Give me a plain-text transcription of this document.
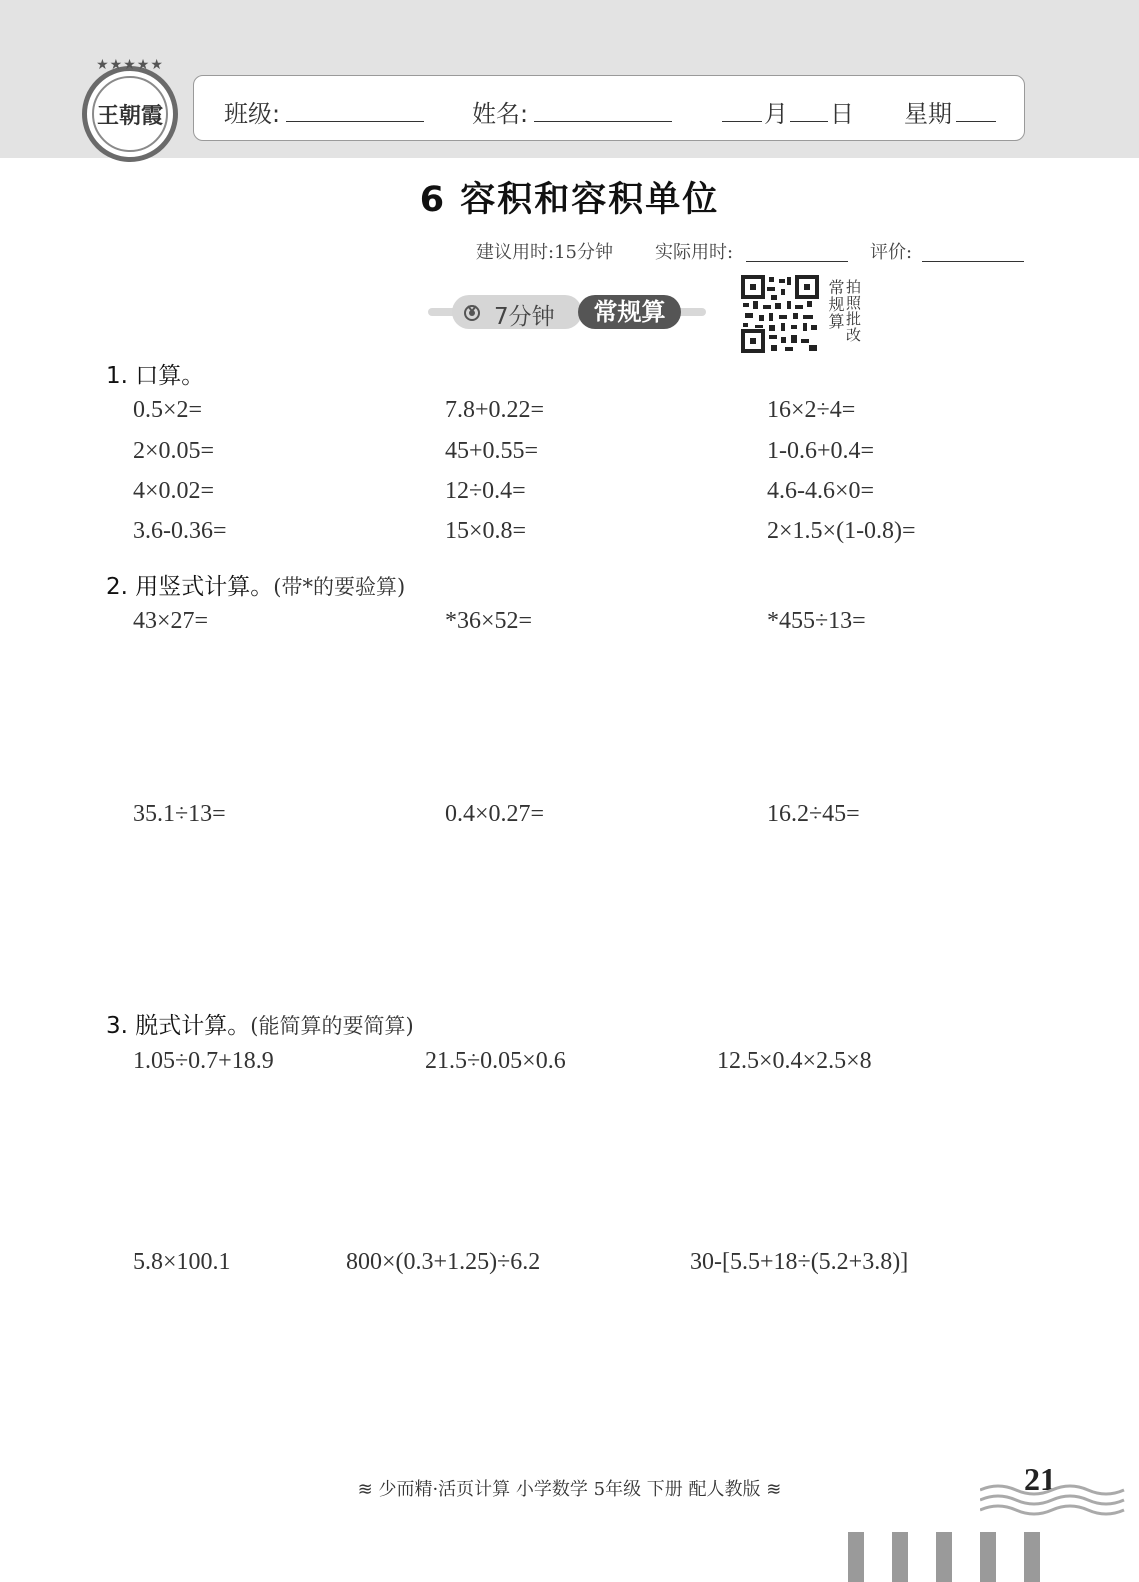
★★★★★
王朝霞	班级:	姓名:	月 日 星期
6 容积和容积单位
建议用时:15分钟 实际用时:	评价:
7分钟	常规算	常规算 拍照批改
1. 口算。
0.5×2=	7.8+0.22=	16×2÷4=
2×0.05=	45+0.55=	1-0.6+0.4=
4×0.02=	12÷0.4=	4.6-4.6×0=
3.6-0.36=	15×0.8=	2×1.5×(1-0.8)=
2. 用竖式计算。(带*的要验算)
43×27=	*36×52=	*455÷13=
35.1÷13=	0.4×0.27=	16.2÷45=
3. 脱式计算。(能简算的要简算)
1.05÷0.7+18.9	21.5÷0.05×0.6	12.5×0.4×2.5×8
5.8×100.1	800×(0.3+1.25)÷6.2	30-[5.5+18÷(5.2+3.8)]
≋ 少而精·活页计算 小学数学 5年级 下册 配人教版 ≋	21
